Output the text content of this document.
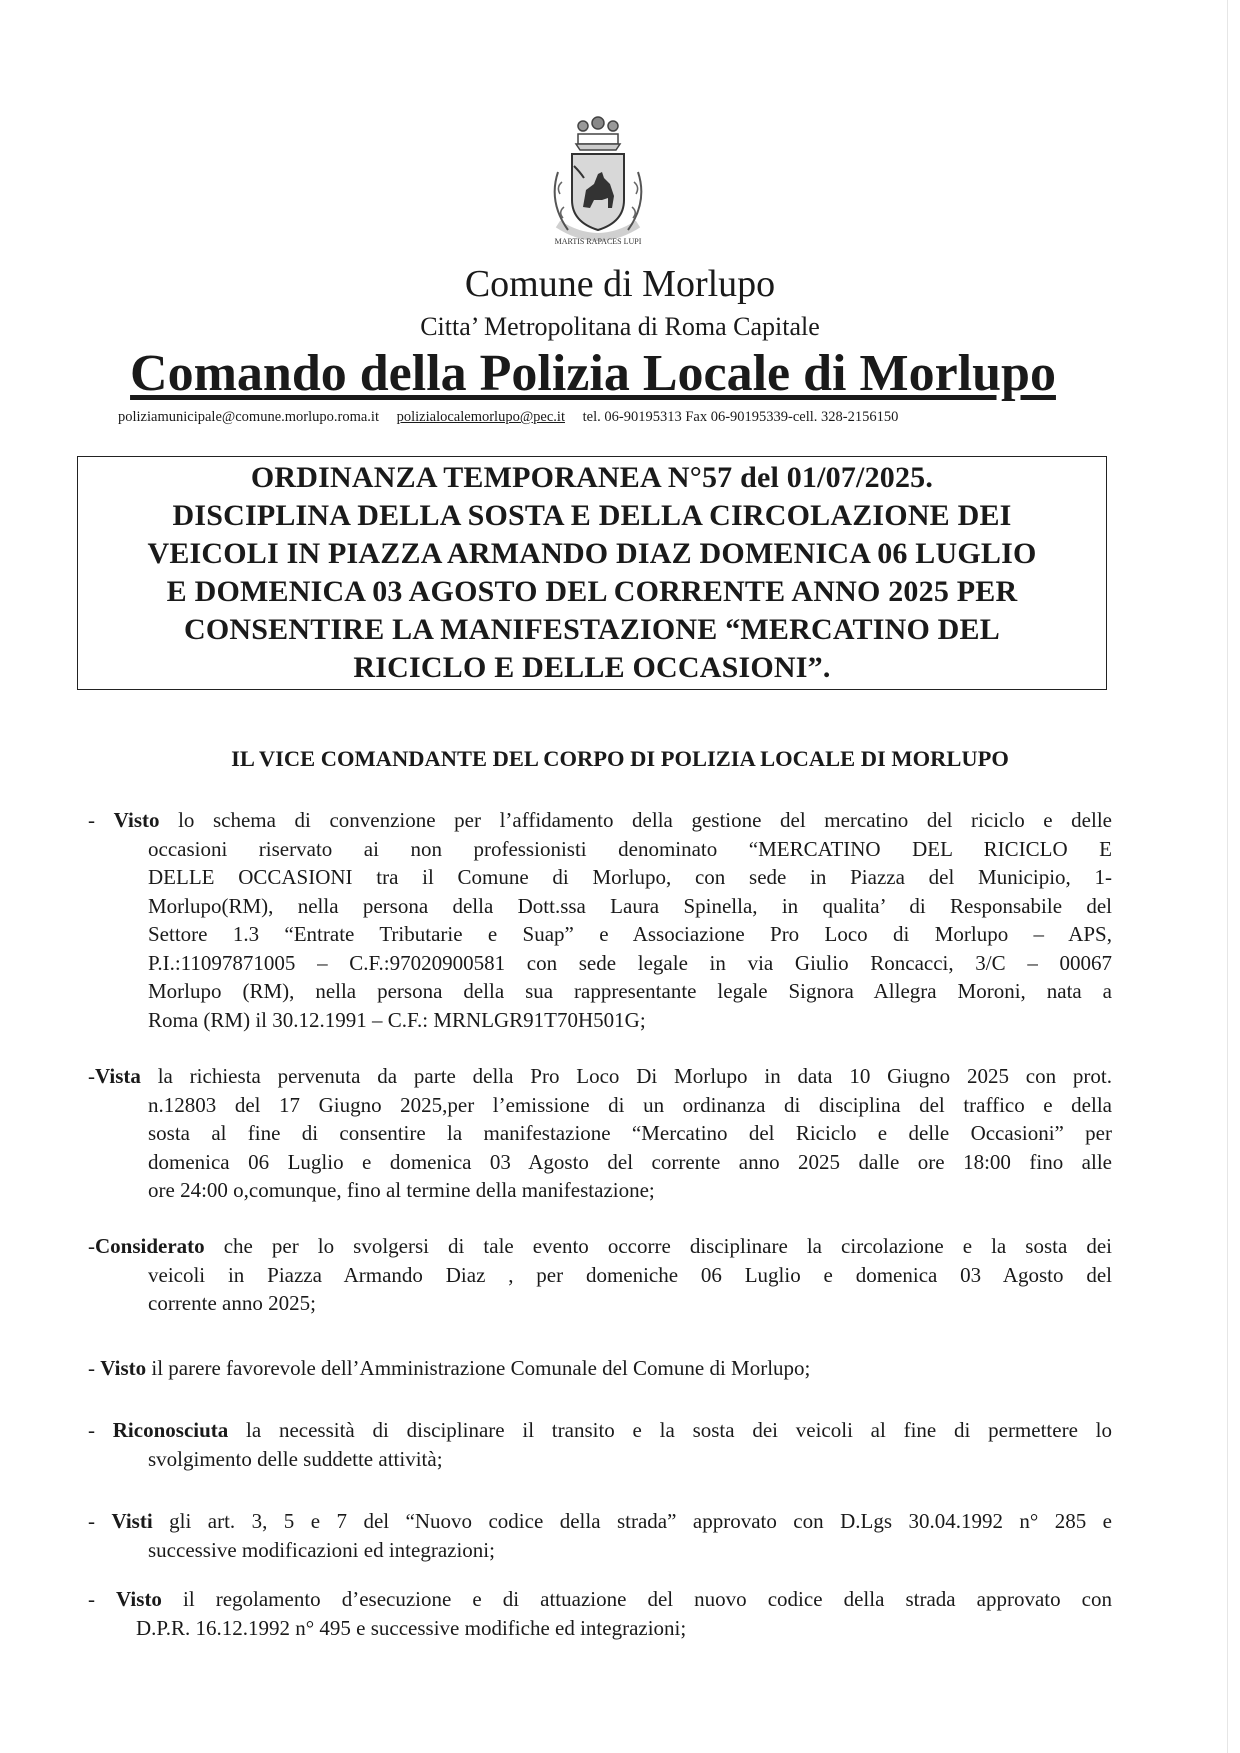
MARTIS RAPACES LUPI
Comune di Morlupo
Citta’ Metropolitana di Roma Capitale
Comando della Polizia Locale di Morlupo
poliziamunicipale@comune.morlupo.roma.it polizialocalemorlupo@pec.it tel. 06-90195313 Fax 06-90195339-cell. 328-2156150
ORDINANZA TEMPORANEA N°57 del 01/07/2025.
DISCIPLINA DELLA SOSTA E DELLA CIRCOLAZIONE DEI
VEICOLI IN PIAZZA ARMANDO DIAZ DOMENICA 06 LUGLIO
E DOMENICA 03 AGOSTO DEL CORRENTE ANNO 2025 PER
CONSENTIRE LA MANIFESTAZIONE “MERCATINO DEL
RICICLO E DELLE OCCASIONI”.
IL VICE COMANDANTE DEL CORPO DI POLIZIA LOCALE DI MORLUPO
- Visto lo schema di convenzione per l’affidamento della gestione del mercatino del riciclo e delle
occasioni riservato ai non professionisti denominato “MERCATINO DEL RICICLO E
DELLE OCCASIONI tra il Comune di Morlupo, con sede in Piazza del Municipio, 1-
Morlupo(RM), nella persona della Dott.ssa Laura Spinella, in qualita’ di Responsabile del
Settore 1.3 “Entrate Tributarie e Suap” e Associazione Pro Loco di Morlupo – APS,
P.I.:11097871005 – C.F.:97020900581 con sede legale in via Giulio Roncacci, 3/C – 00067
Morlupo (RM), nella persona della sua rappresentante legale Signora Allegra Moroni, nata a
Roma (RM) il 30.12.1991 – C.F.: MRNLGR91T70H501G;
-Vista la richiesta pervenuta da parte della Pro Loco Di Morlupo in data 10 Giugno 2025 con prot.
n.12803 del 17 Giugno 2025,per l’emissione di un ordinanza di disciplina del traffico e della
sosta al fine di consentire la manifestazione “Mercatino del Riciclo e delle Occasioni” per
domenica 06 Luglio e domenica 03 Agosto del corrente anno 2025 dalle ore 18:00 fino alle
ore 24:00 o,comunque, fino al termine della manifestazione;
-Considerato che per lo svolgersi di tale evento occorre disciplinare la circolazione e la sosta dei
veicoli in Piazza Armando Diaz , per domeniche 06 Luglio e domenica 03 Agosto del
corrente anno 2025;
- Visto il parere favorevole dell’Amministrazione Comunale del Comune di Morlupo;
- Riconosciuta la necessità di disciplinare il transito e la sosta dei veicoli al fine di permettere lo
svolgimento delle suddette attività;
- Visti gli art. 3, 5 e 7 del “Nuovo codice della strada” approvato con D.Lgs 30.04.1992 n° 285 e
successive modificazioni ed integrazioni;
- Visto il regolamento d’esecuzione e di attuazione del nuovo codice della strada approvato con
D.P.R. 16.12.1992 n° 495 e successive modifiche ed integrazioni;
